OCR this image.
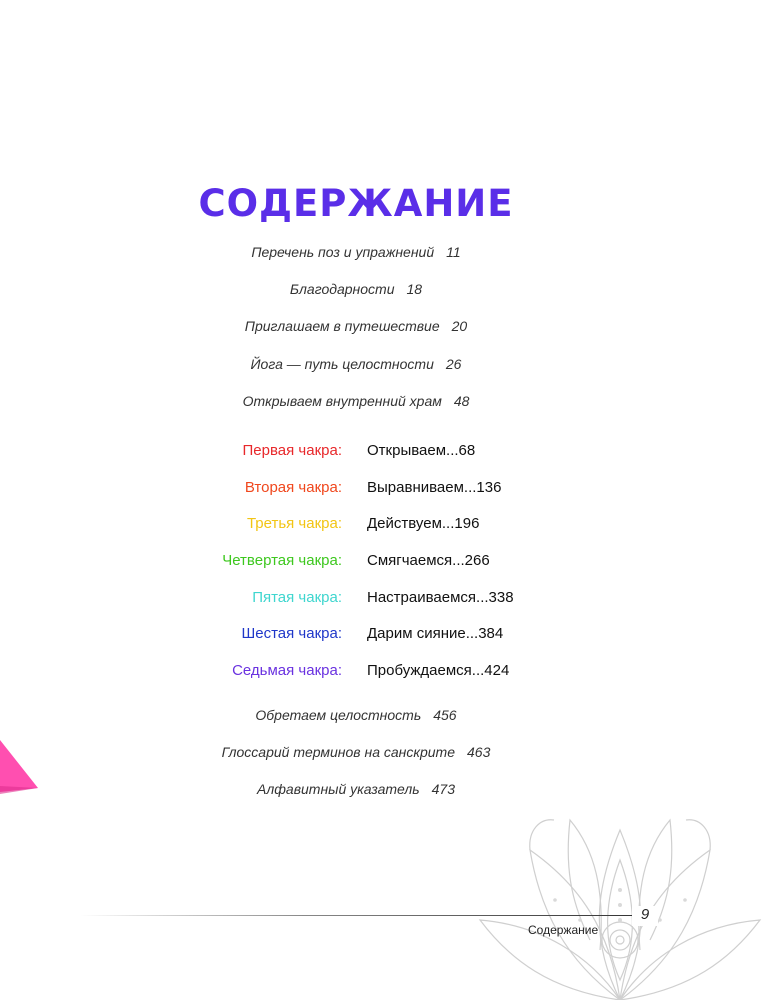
СОДЕРЖАНИЕ
Перечень поз и упражнений 11
Благодарности 18
Приглашаем в путешествие 20
Йога — путь целостности 26
Открываем внутренний храм 48
Первая чакра: Открываем...68
Вторая чакра: Выравниваем...136
Третья чакра: Действуем...196
Четвертая чакра: Смягчаемся...266
Пятая чакра: Настраиваемся...338
Шестая чакра: Дарим сияние...384
Седьмая чакра: Пробуждаемся...424
Обретаем целостность 456
Глоссарий терминов на санскрите 463
Алфавитный указатель 473
9
Содержание
